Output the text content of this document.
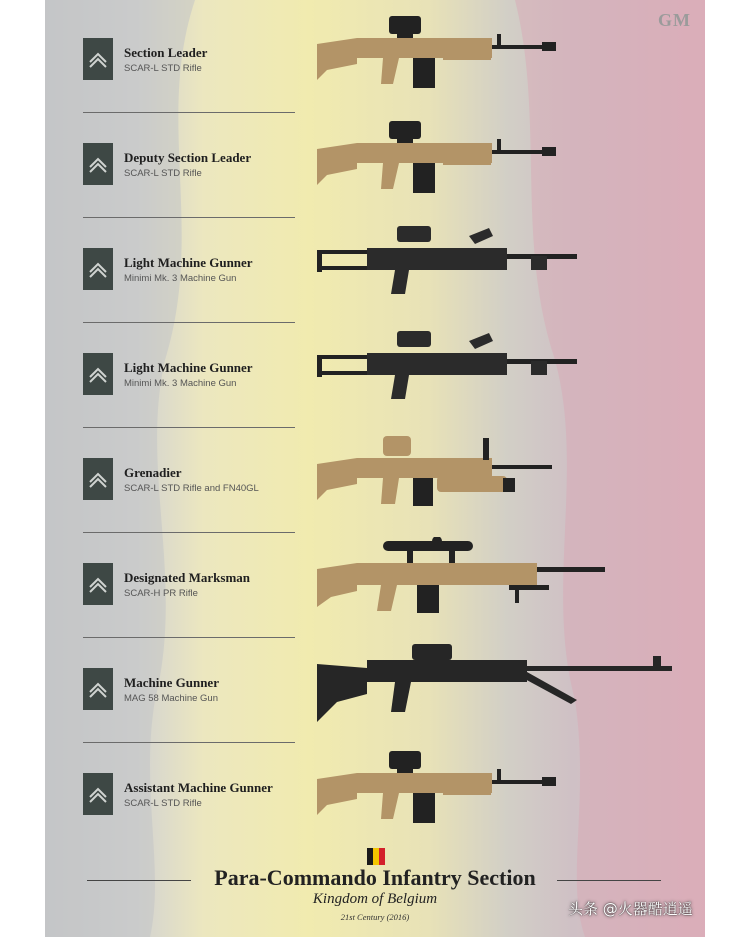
GM
Section Leader
SCAR-L STD Rifle
Deputy Section Leader
SCAR-L STD Rifle
Light Machine Gunner
Minimi Mk. 3 Machine Gun
Light Machine Gunner
Minimi Mk. 3 Machine Gun
Grenadier
SCAR-L STD Rifle and FN40GL
Designated Marksman
SCAR-H PR Rifle
Machine Gunner
MAG 58 Machine Gun
Assistant Machine Gunner
SCAR-L STD Rifle
Para-Commando Infantry Section
Kingdom of Belgium
21st Century (2016)	头条 @火器酷逍遥
